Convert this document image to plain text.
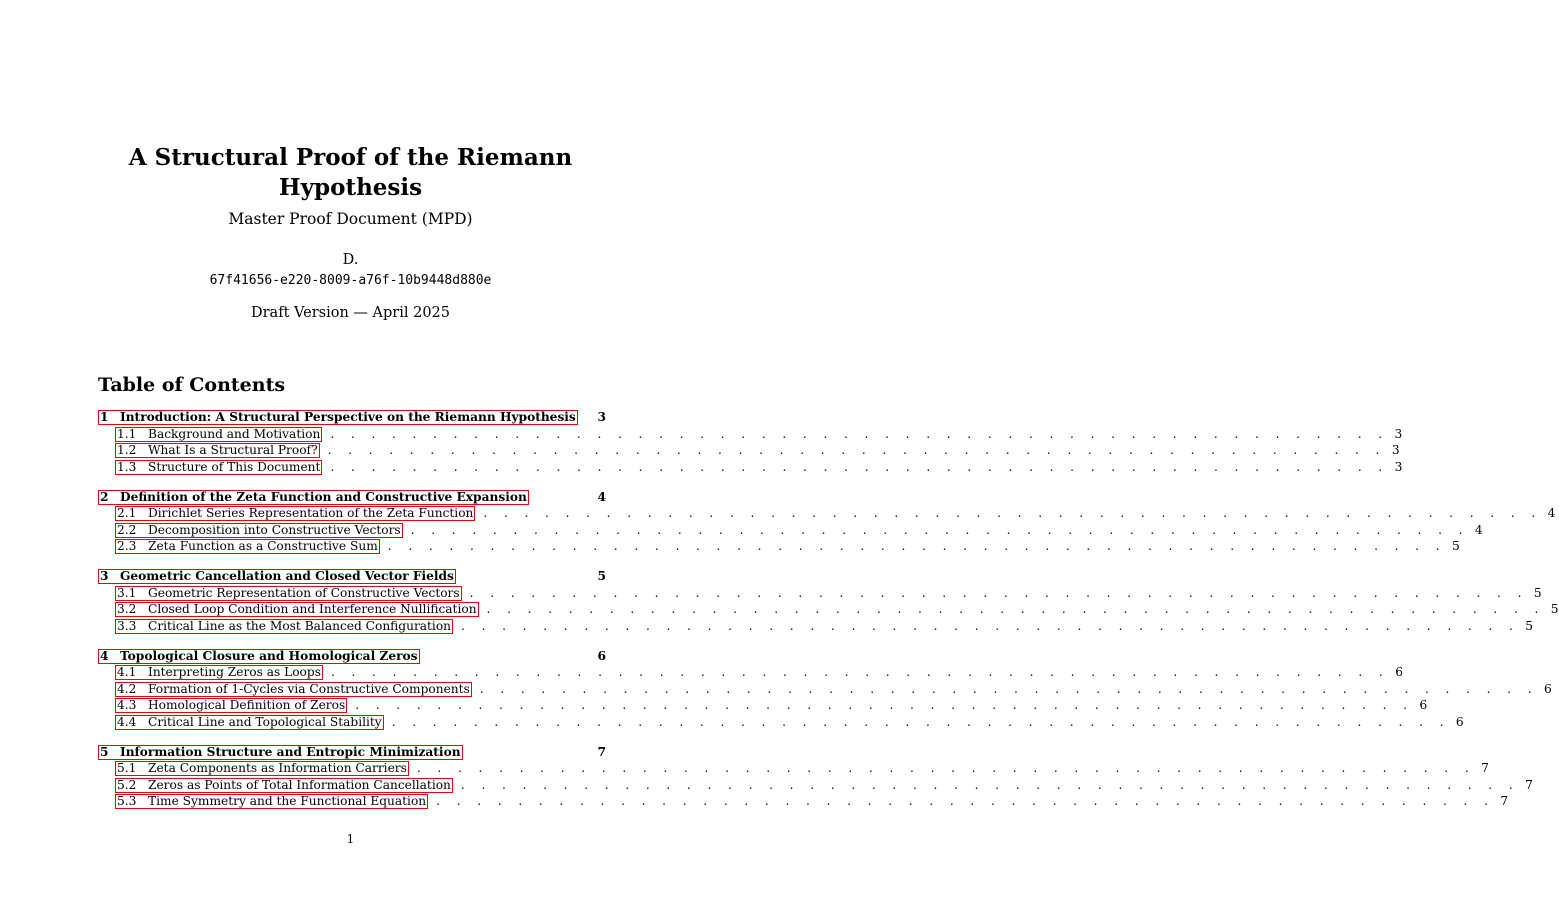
A Structural Proof of the Riemann Hypothesis
Master Proof Document (MPD)
D.
67f41656-e220-8009-a76f-10b9448d880e
Draft Version — April 2025
Table of Contents
1 Introduction: A Structural Perspective on the Riemann Hypothesis	3
1.1 Background and Motivation . . . . . . . . . . . . . . . . . . . . . . . . . . . . . . . . . . . . . . . . . . . . . . . . . . . . 3
1.2 What Is a Structural Proof? . . . . . . . . . . . . . . . . . . . . . . . . . . . . . . . . . . . . . . . . . . . . . . . . . . . . 3
1.3 Structure of This Document . . . . . . . . . . . . . . . . . . . . . . . . . . . . . . . . . . . . . . . . . . . . . . . . . . . . 3
2 Definition of the Zeta Function and Constructive Expansion	4
2.1 Dirichlet Series Representation of the Zeta Function . . . . . . . . . . . . . . . . . . . . . . . . . . . . . . . . . . . . . . . . . . . . . . . . . . . . 4
2.2 Decomposition into Constructive Vectors . . . . . . . . . . . . . . . . . . . . . . . . . . . . . . . . . . . . . . . . . . . . . . . . . . . . 4
2.3 Zeta Function as a Constructive Sum . . . . . . . . . . . . . . . . . . . . . . . . . . . . . . . . . . . . . . . . . . . . . . . . . . . . 5
3 Geometric Cancellation and Closed Vector Fields	5
3.1 Geometric Representation of Constructive Vectors . . . . . . . . . . . . . . . . . . . . . . . . . . . . . . . . . . . . . . . . . . . . . . . . . . . . 5
3.2 Closed Loop Condition and Interference Nullification . . . . . . . . . . . . . . . . . . . . . . . . . . . . . . . . . . . . . . . . . . . . . . . . . . . . 5
3.3 Critical Line as the Most Balanced Configuration . . . . . . . . . . . . . . . . . . . . . . . . . . . . . . . . . . . . . . . . . . . . . . . . . . . . 5
4 Topological Closure and Homological Zeros	6
4.1 Interpreting Zeros as Loops . . . . . . . . . . . . . . . . . . . . . . . . . . . . . . . . . . . . . . . . . . . . . . . . . . . . 6
4.2 Formation of 1-Cycles via Constructive Components . . . . . . . . . . . . . . . . . . . . . . . . . . . . . . . . . . . . . . . . . . . . . . . . . . . . 6
4.3 Homological Definition of Zeros . . . . . . . . . . . . . . . . . . . . . . . . . . . . . . . . . . . . . . . . . . . . . . . . . . . . 6
4.4 Critical Line and Topological Stability . . . . . . . . . . . . . . . . . . . . . . . . . . . . . . . . . . . . . . . . . . . . . . . . . . . . 6
5 Information Structure and Entropic Minimization	7
5.1 Zeta Components as Information Carriers . . . . . . . . . . . . . . . . . . . . . . . . . . . . . . . . . . . . . . . . . . . . . . . . . . . . 7
5.2 Zeros as Points of Total Information Cancellation . . . . . . . . . . . . . . . . . . . . . . . . . . . . . . . . . . . . . . . . . . . . . . . . . . . . 7
5.3 Time Symmetry and the Functional Equation . . . . . . . . . . . . . . . . . . . . . . . . . . . . . . . . . . . . . . . . . . . . . . . . . . . . 7
1
